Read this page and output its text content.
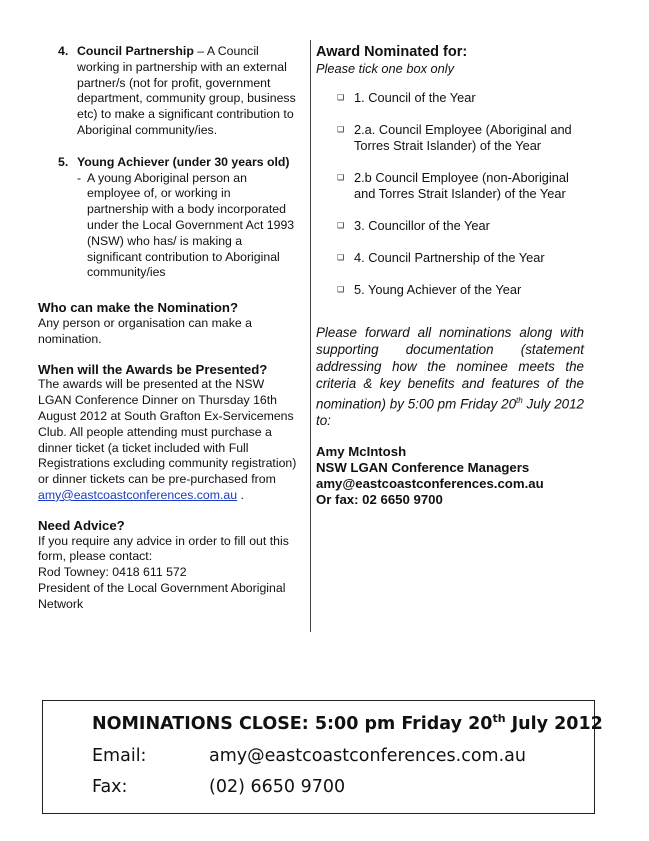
4. Council Partnership – A Council working in partnership with an external partner/s (not for profit, government department, community group, business etc) to make a significant contribution to Aboriginal community/ies.
5. Young Achiever (under 30 years old)
- A young Aboriginal person an employee of, or working in partnership with a body incorporated under the Local Government Act 1993 (NSW) who has/ is making a significant contribution to Aboriginal community/ies
Who can make the Nomination?
Any person or organisation can make a nomination.
When will the Awards be Presented?
The awards will be presented at the NSW LGAN Conference Dinner on Thursday 16th August 2012 at South Grafton Ex-Servicemens Club. All people attending must purchase a dinner ticket (a ticket included with Full Registrations excluding community registration) or dinner tickets can be pre-purchased from amy@eastcoastconferences.com.au .
Need Advice?
If you require any advice in order to fill out this form, please contact:
Rod Towney: 0418 611 572
President of the Local Government Aboriginal Network
Award Nominated for:
Please tick one box only
❑ 1. Council of the Year
❑ 2.a. Council Employee (Aboriginal and Torres Strait Islander) of the Year
❑ 2.b Council Employee (non-Aboriginal and Torres Strait Islander) of the Year
❑ 3. Councillor of the Year
❑ 4. Council Partnership of the Year
❑ 5. Young Achiever of the Year
Please forward all nominations along with supporting documentation (statement addressing how the nominee meets the criteria & key benefits and features of the nomination) by 5:00 pm Friday 20th July 2012 to:
Amy McIntosh
NSW LGAN Conference Managers
amy@eastcoastconferences.com.au
Or fax: 02 6650 9700
NOMINATIONS CLOSE: 5:00 pm Friday 20th July 2012
Email:	amy@eastcoastconferences.com.au
Fax:	(02) 6650 9700
